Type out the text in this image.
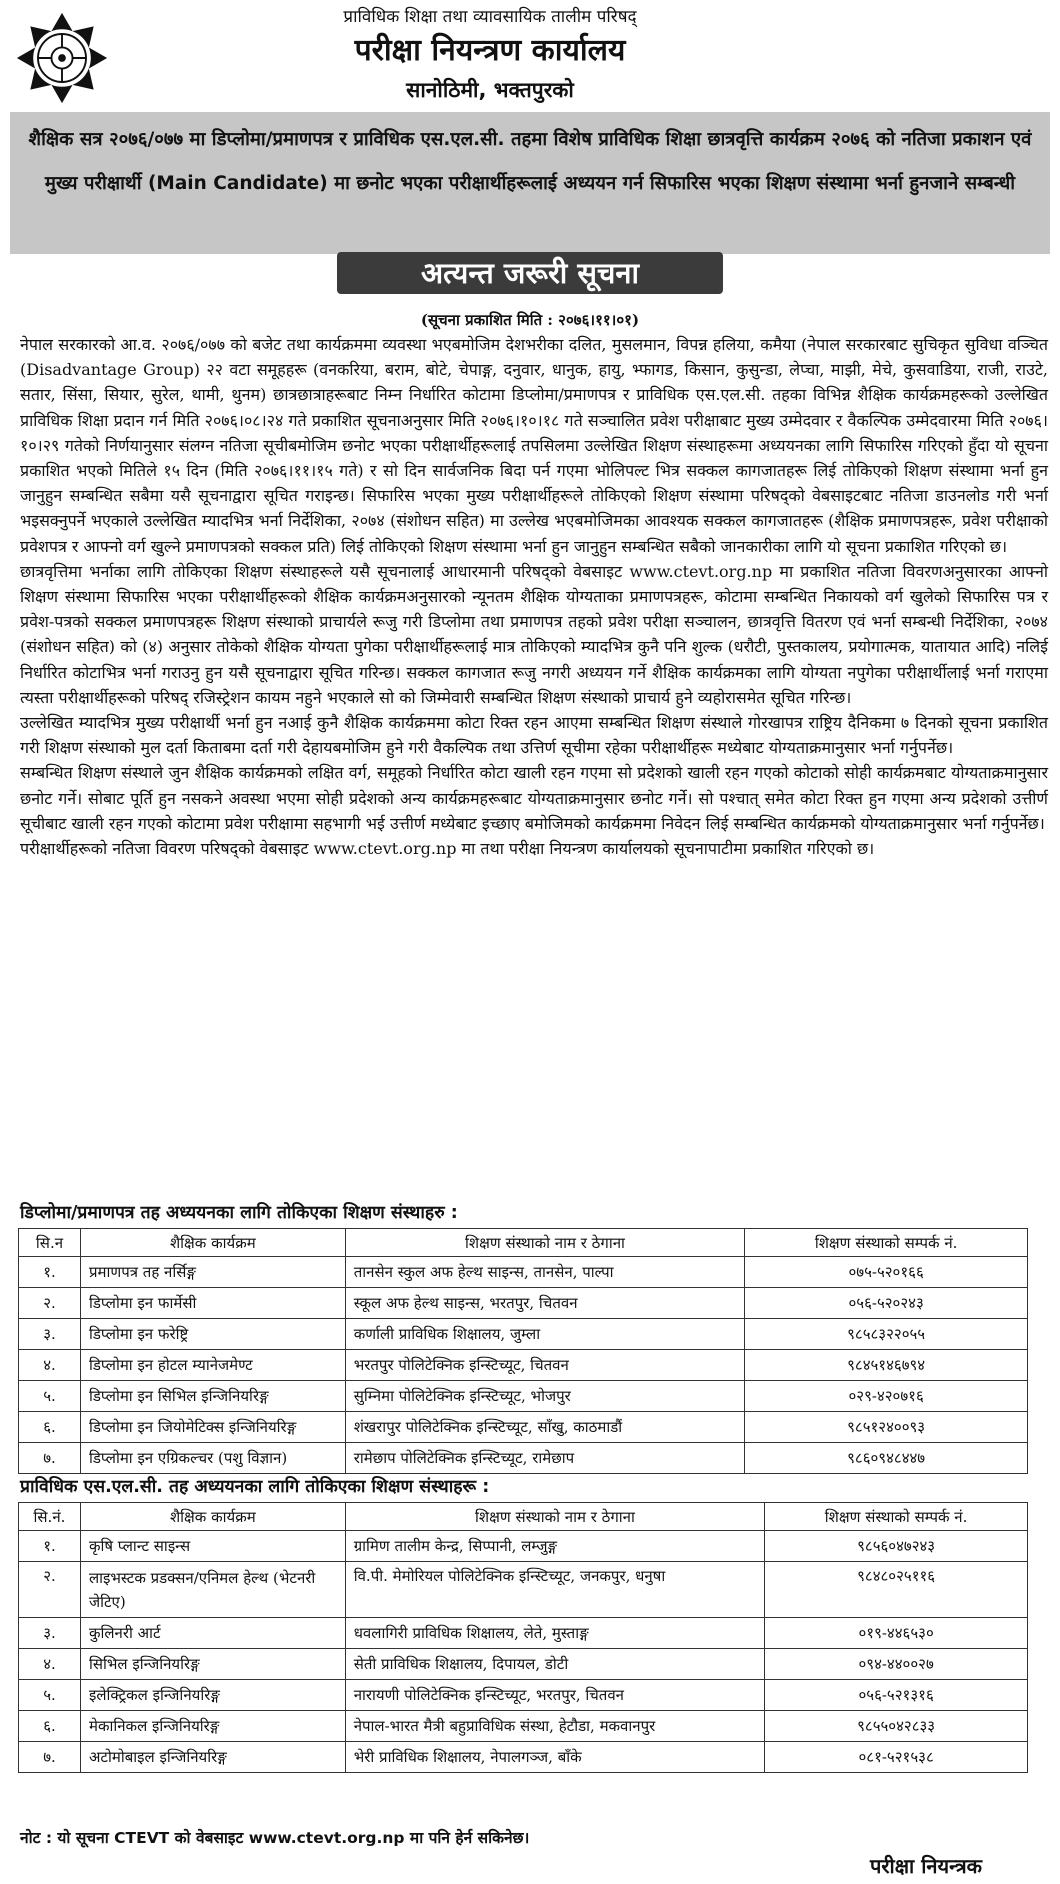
प्राविधिक शिक्षा तथा व्यावसायिक तालीम परिषद्
परीक्षा नियन्त्रण कार्यालय
सानोठिमी, भक्तपुरको
शैक्षिक सत्र २०७६/०७७ मा डिप्लोमा/प्रमाणपत्र र प्राविधिक एस.एल.सी. तहमा विशेष प्राविधिक शिक्षा छात्रवृत्ति कार्यक्रम २०७६ को नतिजा प्रकाशन एवं मुख्य परीक्षार्थी (Main Candidate) मा छनोट भएका परीक्षार्थीहरूलाई अध्ययन गर्न सिफारिस भएका शिक्षण संस्थामा भर्ना हुनजाने सम्बन्धी
अत्यन्त जरूरी सूचना
(सूचना प्रकाशित मिति : २०७६।११।०१)

नेपाल सरकारको आ.व. २०७६/०७७ को बजेट तथा कार्यक्रममा व्यवस्था भएबमोजिम देशभरीका दलित, मुसलमान, विपन्न हलिया, कमैया (नेपाल सरकारबाट सुचिकृत सुविधा वञ्चित (Disadvantage Group) २२ वटा समूहहरू (वनकरिया, बराम, बोटे, चेपाङ्ग, दनुवार, धानुक, हायु, भ्फागड, किसान, कुसुन्डा, लेप्चा, माझी, मेचे, कुसवाडिया, राजी, राउटे, सतार, सिंसा, सियार, सुरेल, थामी, थुनम) छात्रछात्राहरूबाट निम्न निर्धारित कोटामा डिप्लोमा/प्रमाणपत्र र प्राविधिक एस.एल.सी. तहका विभिन्न शैक्षिक कार्यक्रमहरूको उल्लेखित प्राविधिक शिक्षा प्रदान गर्न मिति २०७६।०८।२४ गते प्रकाशित सूचनाअनुसार मिति २०७६।१०।१८ गते सञ्चालित प्रवेश परीक्षाबाट मुख्य उम्मेदवार र वैकल्पिक उम्मेदवारमा मिति २०७६।१०।२९ गतेको निर्णयानुसार संलग्न नतिजा सूचीबमोजिम छनोट भएका परीक्षार्थीहरूलाई तपसिलमा उल्लेखित शिक्षण संस्थाहरूमा अध्ययनका लागि सिफारिस गरिएको हुँदा यो सूचना प्रकाशित भएको मितिले १५ दिन (मिति २०७६।११।१५ गते) र सो दिन सार्वजनिक बिदा पर्न गएमा भोलिपल्ट भित्र सक्कल कागजातहरू लिई तोकिएको शिक्षण संस्थामा भर्ना हुन जानुहुन सम्बन्धित सबैमा यसै सूचनाद्वारा सूचित गराइन्छ। सिफारिस भएका मुख्य परीक्षार्थीहरूले तोकिएको शिक्षण संस्थामा परिषद्को वेबसाइटबाट नतिजा डाउनलोड गरी भर्ना भइसक्नुपर्ने भएकाले उल्लेखित म्यादभित्र भर्ना निर्देशिका, २०७४ (संशोधन सहित) मा उल्लेख भएबमोजिमका आवश्यक सक्कल कागजातहरू (शैक्षिक प्रमाणपत्रहरू, प्रवेश परीक्षाको प्रवेशपत्र र आफ्नो वर्ग खुल्ने प्रमाणपत्रको सक्कल प्रति) लिई तोकिएको शिक्षण संस्थामा भर्ना हुन जानुहुन सम्बन्धित सबैको जानकारीका लागि यो सूचना प्रकाशित गरिएको छ।

छात्रवृत्तिमा भर्नाका लागि तोकिएका शिक्षण संस्थाहरूले यसै सूचनालाई आधारमानी परिषद्को वेबसाइट www.ctevt.org.np मा प्रकाशित नतिजा विवरणअनुसारका आफ्नो शिक्षण संस्थामा सिफारिस भएका परीक्षार्थीहरूको शैक्षिक कार्यक्रमअनुसारको न्यूनतम शैक्षिक योग्यताका प्रमाणपत्रहरू, कोटामा सम्बन्धित निकायको वर्ग खुलेको सिफारिस पत्र र प्रवेश-पत्रको सक्कल प्रमाणपत्रहरू शिक्षण संस्थाको प्राचार्यले रूजु गरी डिप्लोमा तथा प्रमाणपत्र तहको प्रवेश परीक्षा सञ्चालन, छात्रवृत्ति वितरण एवं भर्ना सम्बन्धी निर्देशिका, २०७४ (संशोधन सहित) को (४) अनुसार तोकेको शैक्षिक योग्यता पुगेका परीक्षार्थीहरूलाई मात्र तोकिएको म्यादभित्र कुनै पनि शुल्क (धरौटी, पुस्तकालय, प्रयोगात्मक, यातायात आदि) नलिई निर्धारित कोटाभित्र भर्ना गराउनु हुन यसै सूचनाद्वारा सूचित गरिन्छ। सक्कल कागजात रूजु नगरी अध्ययन गर्ने शैक्षिक कार्यक्रमका लागि योग्यता नपुगेका परीक्षार्थीलाई भर्ना गराएमा त्यस्ता परीक्षार्थीहरूको परिषद् रजिस्ट्रेशन कायम नहुने भएकाले सो को जिम्मेवारी सम्बन्धित शिक्षण संस्थाको प्राचार्य हुने व्यहोरासमेत सूचित गरिन्छ।

उल्लेखित म्यादभित्र मुख्य परीक्षार्थी भर्ना हुन नआई कुनै शैक्षिक कार्यक्रममा कोटा रिक्त रहन आएमा सम्बन्धित शिक्षण संस्थाले गोरखापत्र राष्ट्रिय दैनिकमा ७ दिनको सूचना प्रकाशित गरी शिक्षण संस्थाको मुल दर्ता किताबमा दर्ता गरी देहायबमोजिम हुने गरी वैकल्पिक तथा उत्तिर्ण सूचीमा रहेका परीक्षार्थीहरू मध्येबाट योग्यताक्रमानुसार भर्ना गर्नुपर्नेछ।

सम्बन्धित शिक्षण संस्थाले जुन शैक्षिक कार्यक्रमको लक्षित वर्ग, समूहको निर्धारित कोटा खाली रहन गएमा सो प्रदेशको खाली रहन गएको कोटाको सोही कार्यक्रमबाट योग्यताक्रमानुसार छनोट गर्ने। सोबाट पूर्ति हुन नसकने अवस्था भएमा सोही प्रदेशको अन्य कार्यक्रमहरूबाट योग्यताक्रमानुसार छनोट गर्ने। सो पश्चात् समेत कोटा रिक्त हुन गएमा अन्य प्रदेशको उत्तीर्ण सूचीबाट खाली रहन गएको कोटामा प्रवेश परीक्षामा सहभागी भई उत्तीर्ण मध्येबाट इच्छाए बमोजिमको कार्यक्रममा निवेदन लिई सम्बन्धित कार्यक्रमको योग्यताक्रमानुसार भर्ना गर्नुपर्नेछ।

परीक्षार्थीहरूको नतिजा विवरण परिषद्को वेबसाइट www.ctevt.org.np मा तथा परीक्षा नियन्त्रण कार्यालयको सूचनापाटीमा प्रकाशित गरिएको छ।

डिप्लोमा/प्रमाणपत्र तह अध्ययनका लागि तोकिएका शिक्षण संस्थाहरु :
सि.न	शैक्षिक कार्यक्रम	शिक्षण संस्थाको नाम र ठेगाना	शिक्षण संस्थाको सम्पर्क नं.
१.	प्रमाणपत्र तह नर्सिङ्ग	तानसेन स्कुल अफ हेल्थ साइन्स, तानसेन, पाल्पा	०७५-५२०१६६
२.	डिप्लोमा इन फार्मेसी	स्कूल अफ हेल्थ साइन्स, भरतपुर, चितवन	०५६-५२०२४३
३.	डिप्लोमा इन फरेष्ट्रि	कर्णाली प्राविधिक शिक्षालय, जुम्ला	९८५८३२२०५५
४.	डिप्लोमा इन होटल म्यानेजमेण्ट	भरतपुर पोलिटेक्निक इन्स्टिच्यूट, चितवन	९८४५१४६७९४
५.	डिप्लोमा इन सिभिल इन्जिनियरिङ्ग	सुम्निमा पोलिटेक्निक इन्स्टिच्यूट, भोजपुर	०२९-४२०७१६
६.	डिप्लोमा इन जियोमेटिक्स इन्जिनियरिङ्ग	शंखरापुर पोलिटेक्निक इन्स्टिच्यूट, साँखु, काठमाडौं	९८५१२४००९३
७.	डिप्लोमा इन एग्रिकल्चर (पशु विज्ञान)	रामेछाप पोलिटेक्निक इन्स्टिच्यूट, रामेछाप	९८६०९४८४४७
प्राविधिक एस.एल.सी. तह अध्ययनका लागि तोकिएका शिक्षण संस्थाहरू :
सि.नं.	शैक्षिक कार्यक्रम	शिक्षण संस्थाको नाम र ठेगाना	शिक्षण संस्थाको सम्पर्क नं.
१.	कृषि प्लान्ट साइन्स	ग्रामिण तालीम केन्द्र, सिप्पानी, लम्जुङ्ग	९८५६०४७२४३
२.	लाइभस्टक प्रडक्सन/एनिमल हेल्थ (भेटनरी जेटिए)	वि.पी. मेमोरियल पोलिटेक्निक इन्स्टिच्यूट, जनकपुर, धनुषा	९८४८०२५११६
३.	कुलिनरी आर्ट	धवलागिरी प्राविधिक शिक्षालय, लेते, मुस्ताङ्ग	०१९-४४६५३०
४.	सिभिल इन्जिनियरिङ्ग	सेती प्राविधिक शिक्षालय, दिपायल, डोटी	०९४-४४००२७
५.	इलेक्ट्रिकल इन्जिनियरिङ्ग	नारायणी पोलिटेक्निक इन्स्टिच्यूट, भरतपुर, चितवन	०५६-५२१३१६
६.	मेकानिकल इन्जिनियरिङ्ग	नेपाल-भारत मैत्री बहुप्राविधिक संस्था, हेटौडा, मकवानपुर	९८५५०४२८३३
७.	अटोमोबाइल इन्जिनियरिङ्ग	भेरी प्राविधिक शिक्षालय, नेपालगञ्ज, बाँके	०८१-५२१५३८
नोट : यो सूचना CTEVT को वेबसाइट www.ctevt.org.np मा पनि हेर्न सकिनेछ।
परीक्षा नियन्त्रक
